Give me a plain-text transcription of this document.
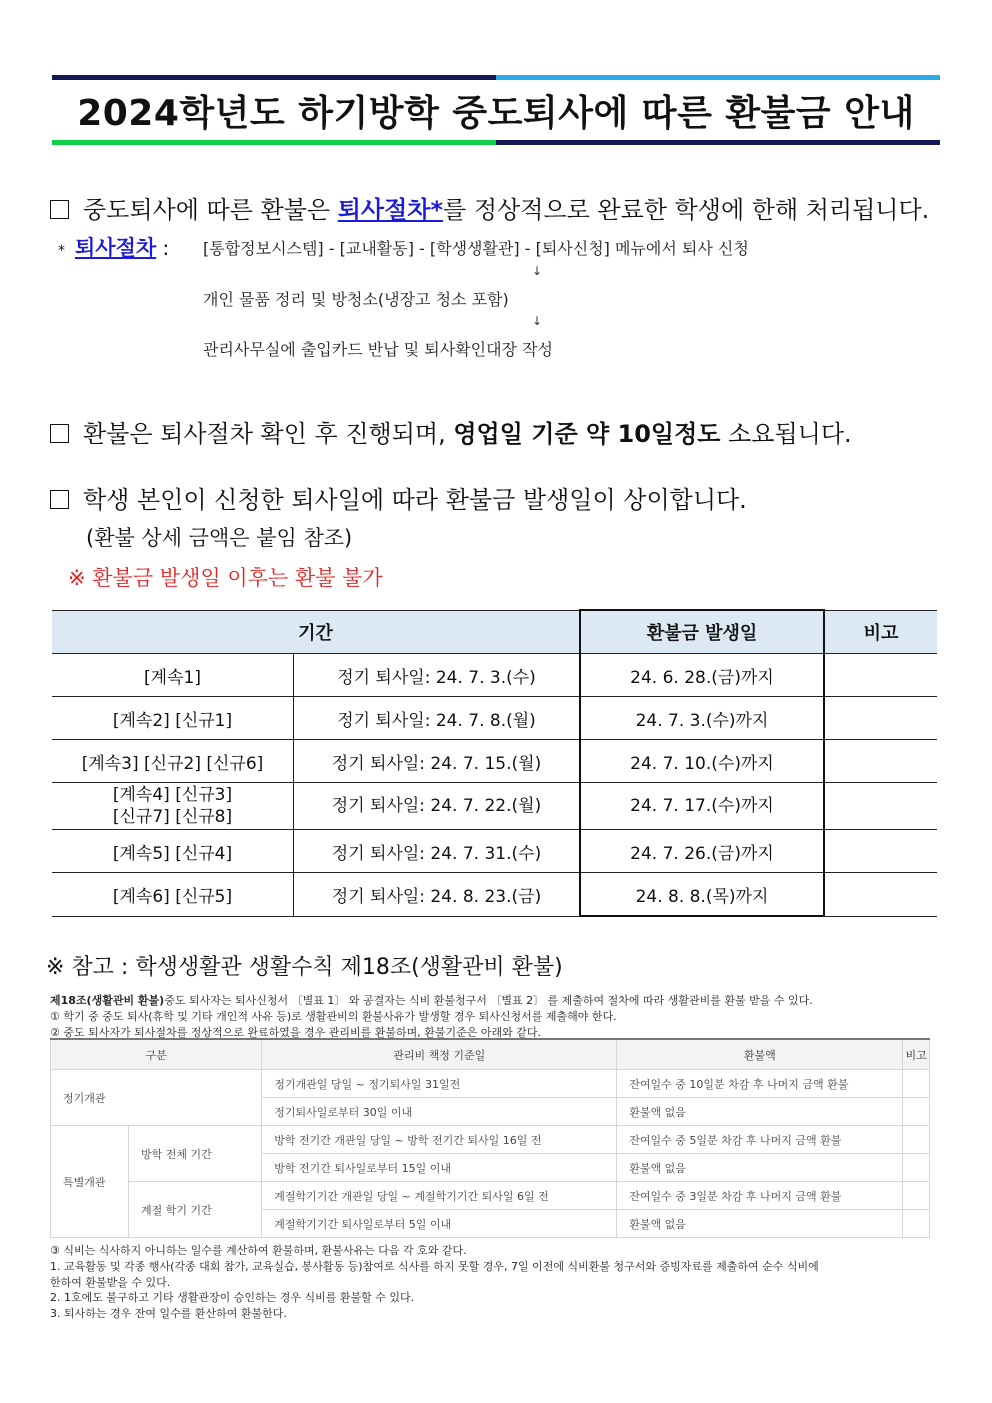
2024학년도 하기방학 중도퇴사에 따른 환불금 안내
중도퇴사에 따른 환불은 퇴사절차*를 정상적으로 완료한 학생에 한해 처리됩니다.
* 퇴사절차 : [통합정보시스템] - [교내활동] - [학생생활관] - [퇴사신청] 메뉴에서 퇴사 신청
↓
개인 물품 정리 및 방청소(냉장고 청소 포함)
↓
관리사무실에 출입카드 반납 및 퇴사확인대장 작성
환불은 퇴사절차 확인 후 진행되며, 영업일 기준 약 10일정도 소요됩니다.
학생 본인이 신청한 퇴사일에 따라 환불금 발생일이 상이합니다.
(환불 상세 금액은 붙임 참조)
※ 환불금 발생일 이후는 환불 불가
기간		환불금 발생일	비고
[계속1]	정기 퇴사일: 24. 7. 3.(수)	24. 6. 28.(금)까지	
[계속2] [신규1]	정기 퇴사일: 24. 7. 8.(월)	24. 7. 3.(수)까지	
[계속3] [신규2] [신규6]	정기 퇴사일: 24. 7. 15.(월)	24. 7. 10.(수)까지	

[계속4] [신규3]
[신규7] [신규8]	정기 퇴사일: 24. 7. 22.(월)	24. 7. 17.(수)까지	
[계속5] [신규4]	정기 퇴사일: 24. 7. 31.(수)	24. 7. 26.(금)까지	
[계속6] [신규5]	정기 퇴사일: 24. 8. 23.(금)	24. 8. 8.(목)까지	
※ 참고 : 학생생활관 생활수칙 제18조(생활관비 환불)
제18조(생활관비 환불)중도 퇴사자는 퇴사신청서 〔별표 1〕 와 공결자는 식비 환불청구서 〔별표 2〕 를 제출하여 절차에 따라 생활관비를 환불 받을 수 있다.
① 학기 중 중도 퇴사(휴학 및 기타 개인적 사유 등)로 생활관비의 환불사유가 발생할 경우 퇴사신청서를 제출해야 한다.
② 중도 퇴사자가 퇴사절차를 정상적으로 완료하였을 경우 관리비를 환불하며, 환불기준은 아래와 같다.
구분		관리비 책정 기준일	환불액	비고
정기개관		정기개관일 당일 ~ 정기퇴사일 31일전	잔여일수 중 10일분 차감 후 나머지 금액 환불	
		정기퇴사일로부터 30일 이내	환불액 없음	
특별개관	방학 전체 기간	방학 전기간 개관일 당일 ~ 방학 전기간 퇴사일 16일 전	잔여일수 중 5일분 차감 후 나머지 금액 환불	
		방학 전기간 퇴사일로부터 15일 이내	환불액 없음	
	계절 학기 기간	계절학기기간 개관일 당일 ~ 계절학기기간 퇴사일 6일 전	잔여일수 중 3일분 차감 후 나머지 금액 환불	
		계절학기기간 퇴사일로부터 5일 이내	환불액 없음	
③ 식비는 식사하지 아니하는 일수를 계산하여 환불하며, 환불사유는 다음 각 호와 같다.
1. 교육활동 및 각종 행사(각종 대회 참가, 교육실습, 봉사활동 등)참여로 식사를 하지 못할 경우, 7일 이전에 식비환불 청구서와 증빙자료를 제출하여 순수 식비에
한하여 환불받을 수 있다.
2. 1호에도 불구하고 기타 생활관장이 승인하는 경우 식비를 환불할 수 있다.
3. 퇴사하는 경우 잔여 일수를 환산하여 환불한다.
